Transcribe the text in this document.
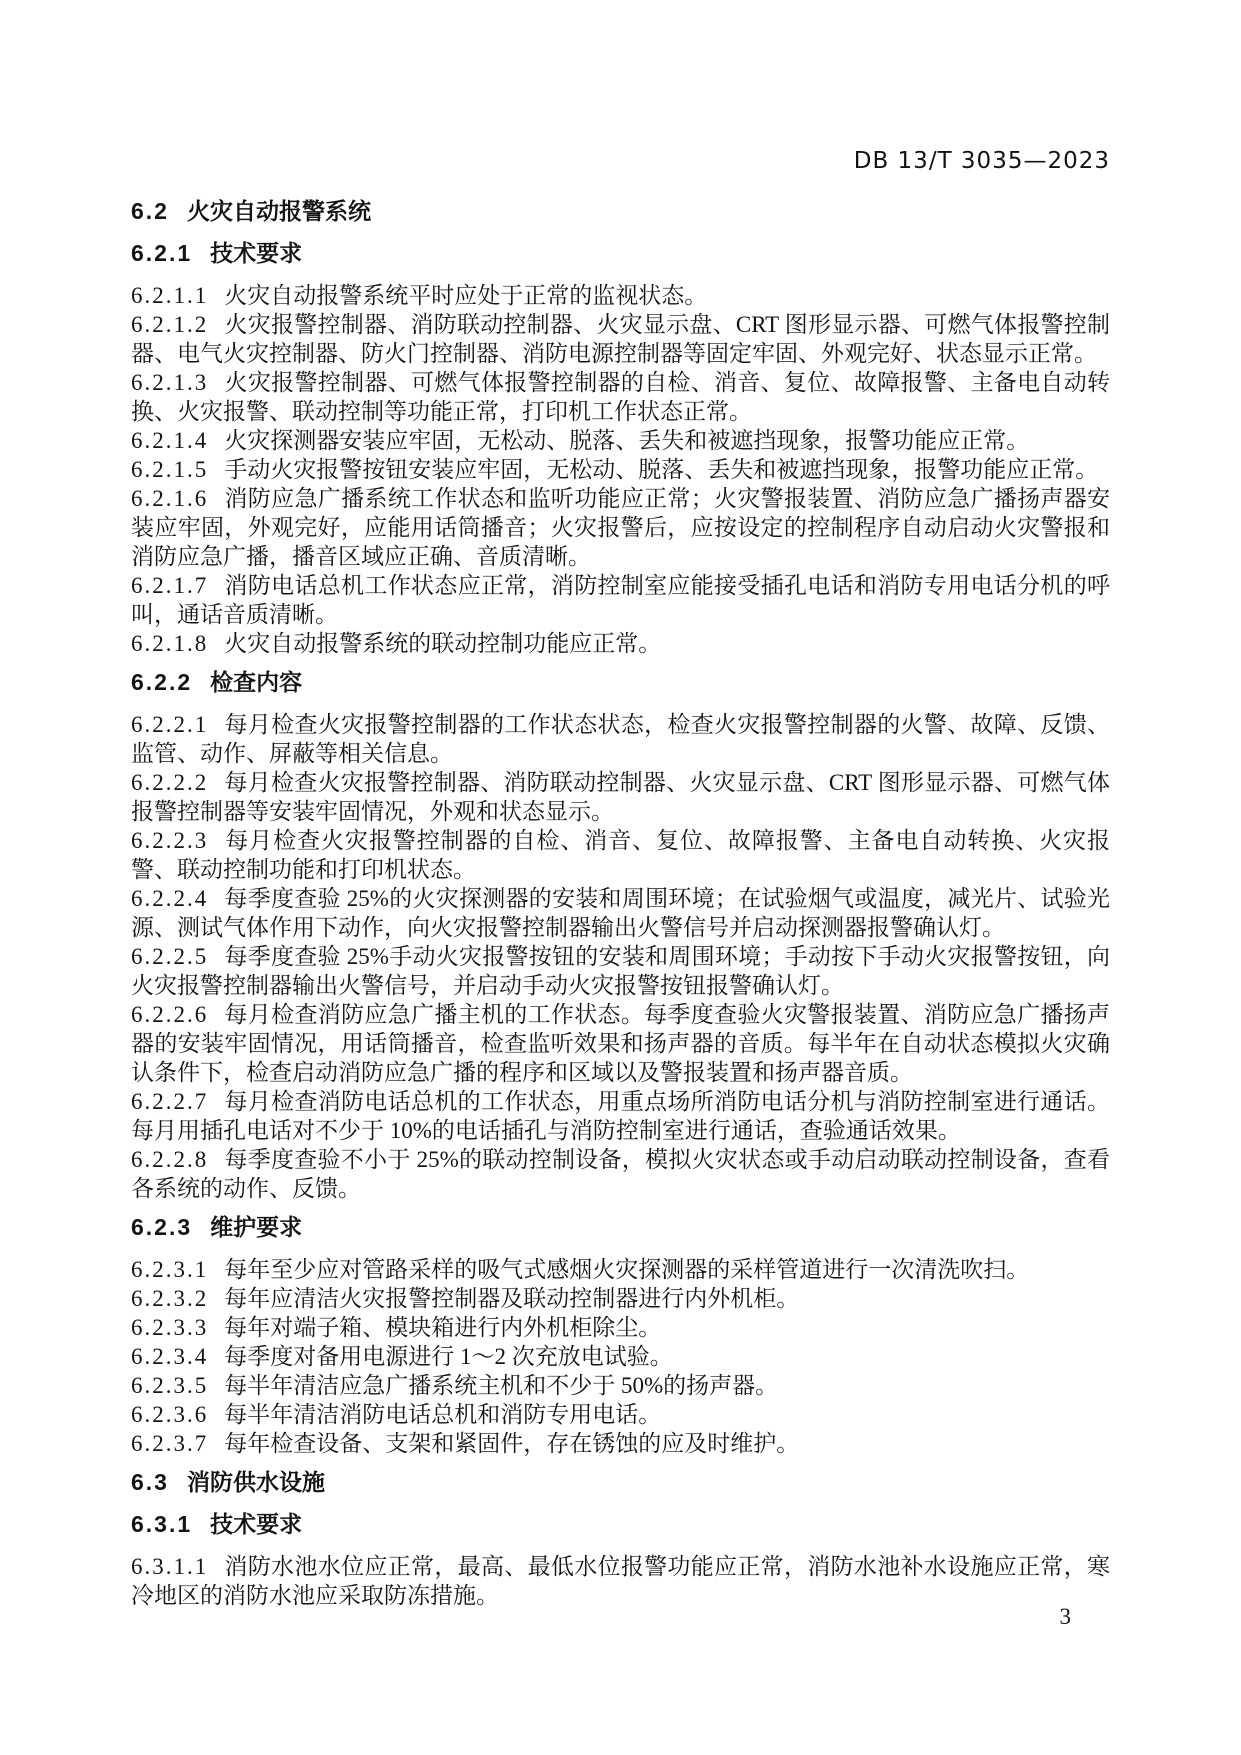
DB 13/T 3035—2023
6.2 火灾自动报警系统
6.2.1 技术要求

6.2.1.1 火灾自动报警系统平时应处于正常的监视状态。

6.2.1.2 火灾报警控制器、消防联动控制器、火灾显示盘、CRT 图形显示器、可燃气体报警控制器、电气火灾控制器、防火门控制器、消防电源控制器等固定牢固、外观完好、状态显示正常。

6.2.1.3 火灾报警控制器、可燃气体报警控制器的自检、消音、复位、故障报警、主备电自动转换、火灾报警、联动控制等功能正常，打印机工作状态正常。

6.2.1.4 火灾探测器安装应牢固，无松动、脱落、丢失和被遮挡现象，报警功能应正常。

6.2.1.5 手动火灾报警按钮安装应牢固，无松动、脱落、丢失和被遮挡现象，报警功能应正常。

6.2.1.6 消防应急广播系统工作状态和监听功能应正常；火灾警报装置、消防应急广播扬声器安装应牢固，外观完好，应能用话筒播音；火灾报警后，应按设定的控制程序自动启动火灾警报和消防应急广播，播音区域应正确、音质清晰。

6.2.1.7 消防电话总机工作状态应正常，消防控制室应能接受插孔电话和消防专用电话分机的呼叫，通话音质清晰。

6.2.1.8 火灾自动报警系统的联动控制功能应正常。

6.2.2 检查内容

6.2.2.1 每月检查火灾报警控制器的工作状态状态，检查火灾报警控制器的火警、故障、反馈、监管、动作、屏蔽等相关信息。

6.2.2.2 每月检查火灾报警控制器、消防联动控制器、火灾显示盘、CRT 图形显示器、可燃气体报警控制器等安装牢固情况，外观和状态显示。

6.2.2.3 每月检查火灾报警控制器的自检、消音、复位、故障报警、主备电自动转换、火灾报警、联动控制功能和打印机状态。

6.2.2.4 每季度查验 25%的火灾探测器的安装和周围环境；在试验烟气或温度，减光片、试验光源、测试气体作用下动作，向火灾报警控制器输出火警信号并启动探测器报警确认灯。

6.2.2.5 每季度查验 25%手动火灾报警按钮的安装和周围环境；手动按下手动火灾报警按钮，向火灾报警控制器输出火警信号，并启动手动火灾报警按钮报警确认灯。

6.2.2.6 每月检查消防应急广播主机的工作状态。每季度查验火灾警报装置、消防应急广播扬声器的安装牢固情况，用话筒播音，检查监听效果和扬声器的音质。每半年在自动状态模拟火灾确认条件下，检查启动消防应急广播的程序和区域以及警报装置和扬声器音质。

6.2.2.7 每月检查消防电话总机的工作状态，用重点场所消防电话分机与消防控制室进行通话。每月用插孔电话对不少于 10%的电话插孔与消防控制室进行通话，查验通话效果。

6.2.2.8 每季度查验不小于 25%的联动控制设备，模拟火灾状态或手动启动联动控制设备，查看各系统的动作、反馈。

6.2.3 维护要求

6.2.3.1 每年至少应对管路采样的吸气式感烟火灾探测器的采样管道进行一次清洗吹扫。

6.2.3.2 每年应清洁火灾报警控制器及联动控制器进行内外机柜。

6.2.3.3 每年对端子箱、模块箱进行内外机柜除尘。

6.2.3.4 每季度对备用电源进行 1～2 次充放电试验。

6.2.3.5 每半年清洁应急广播系统主机和不少于 50%的扬声器。

6.2.3.6 每半年清洁消防电话总机和消防专用电话。

6.2.3.7 每年检查设备、支架和紧固件，存在锈蚀的应及时维护。

6.3 消防供水设施
6.3.1 技术要求

6.3.1.1 消防水池水位应正常，最高、最低水位报警功能应正常，消防水池补水设施应正常，寒冷地区的消防水池应采取防冻措施。

3
